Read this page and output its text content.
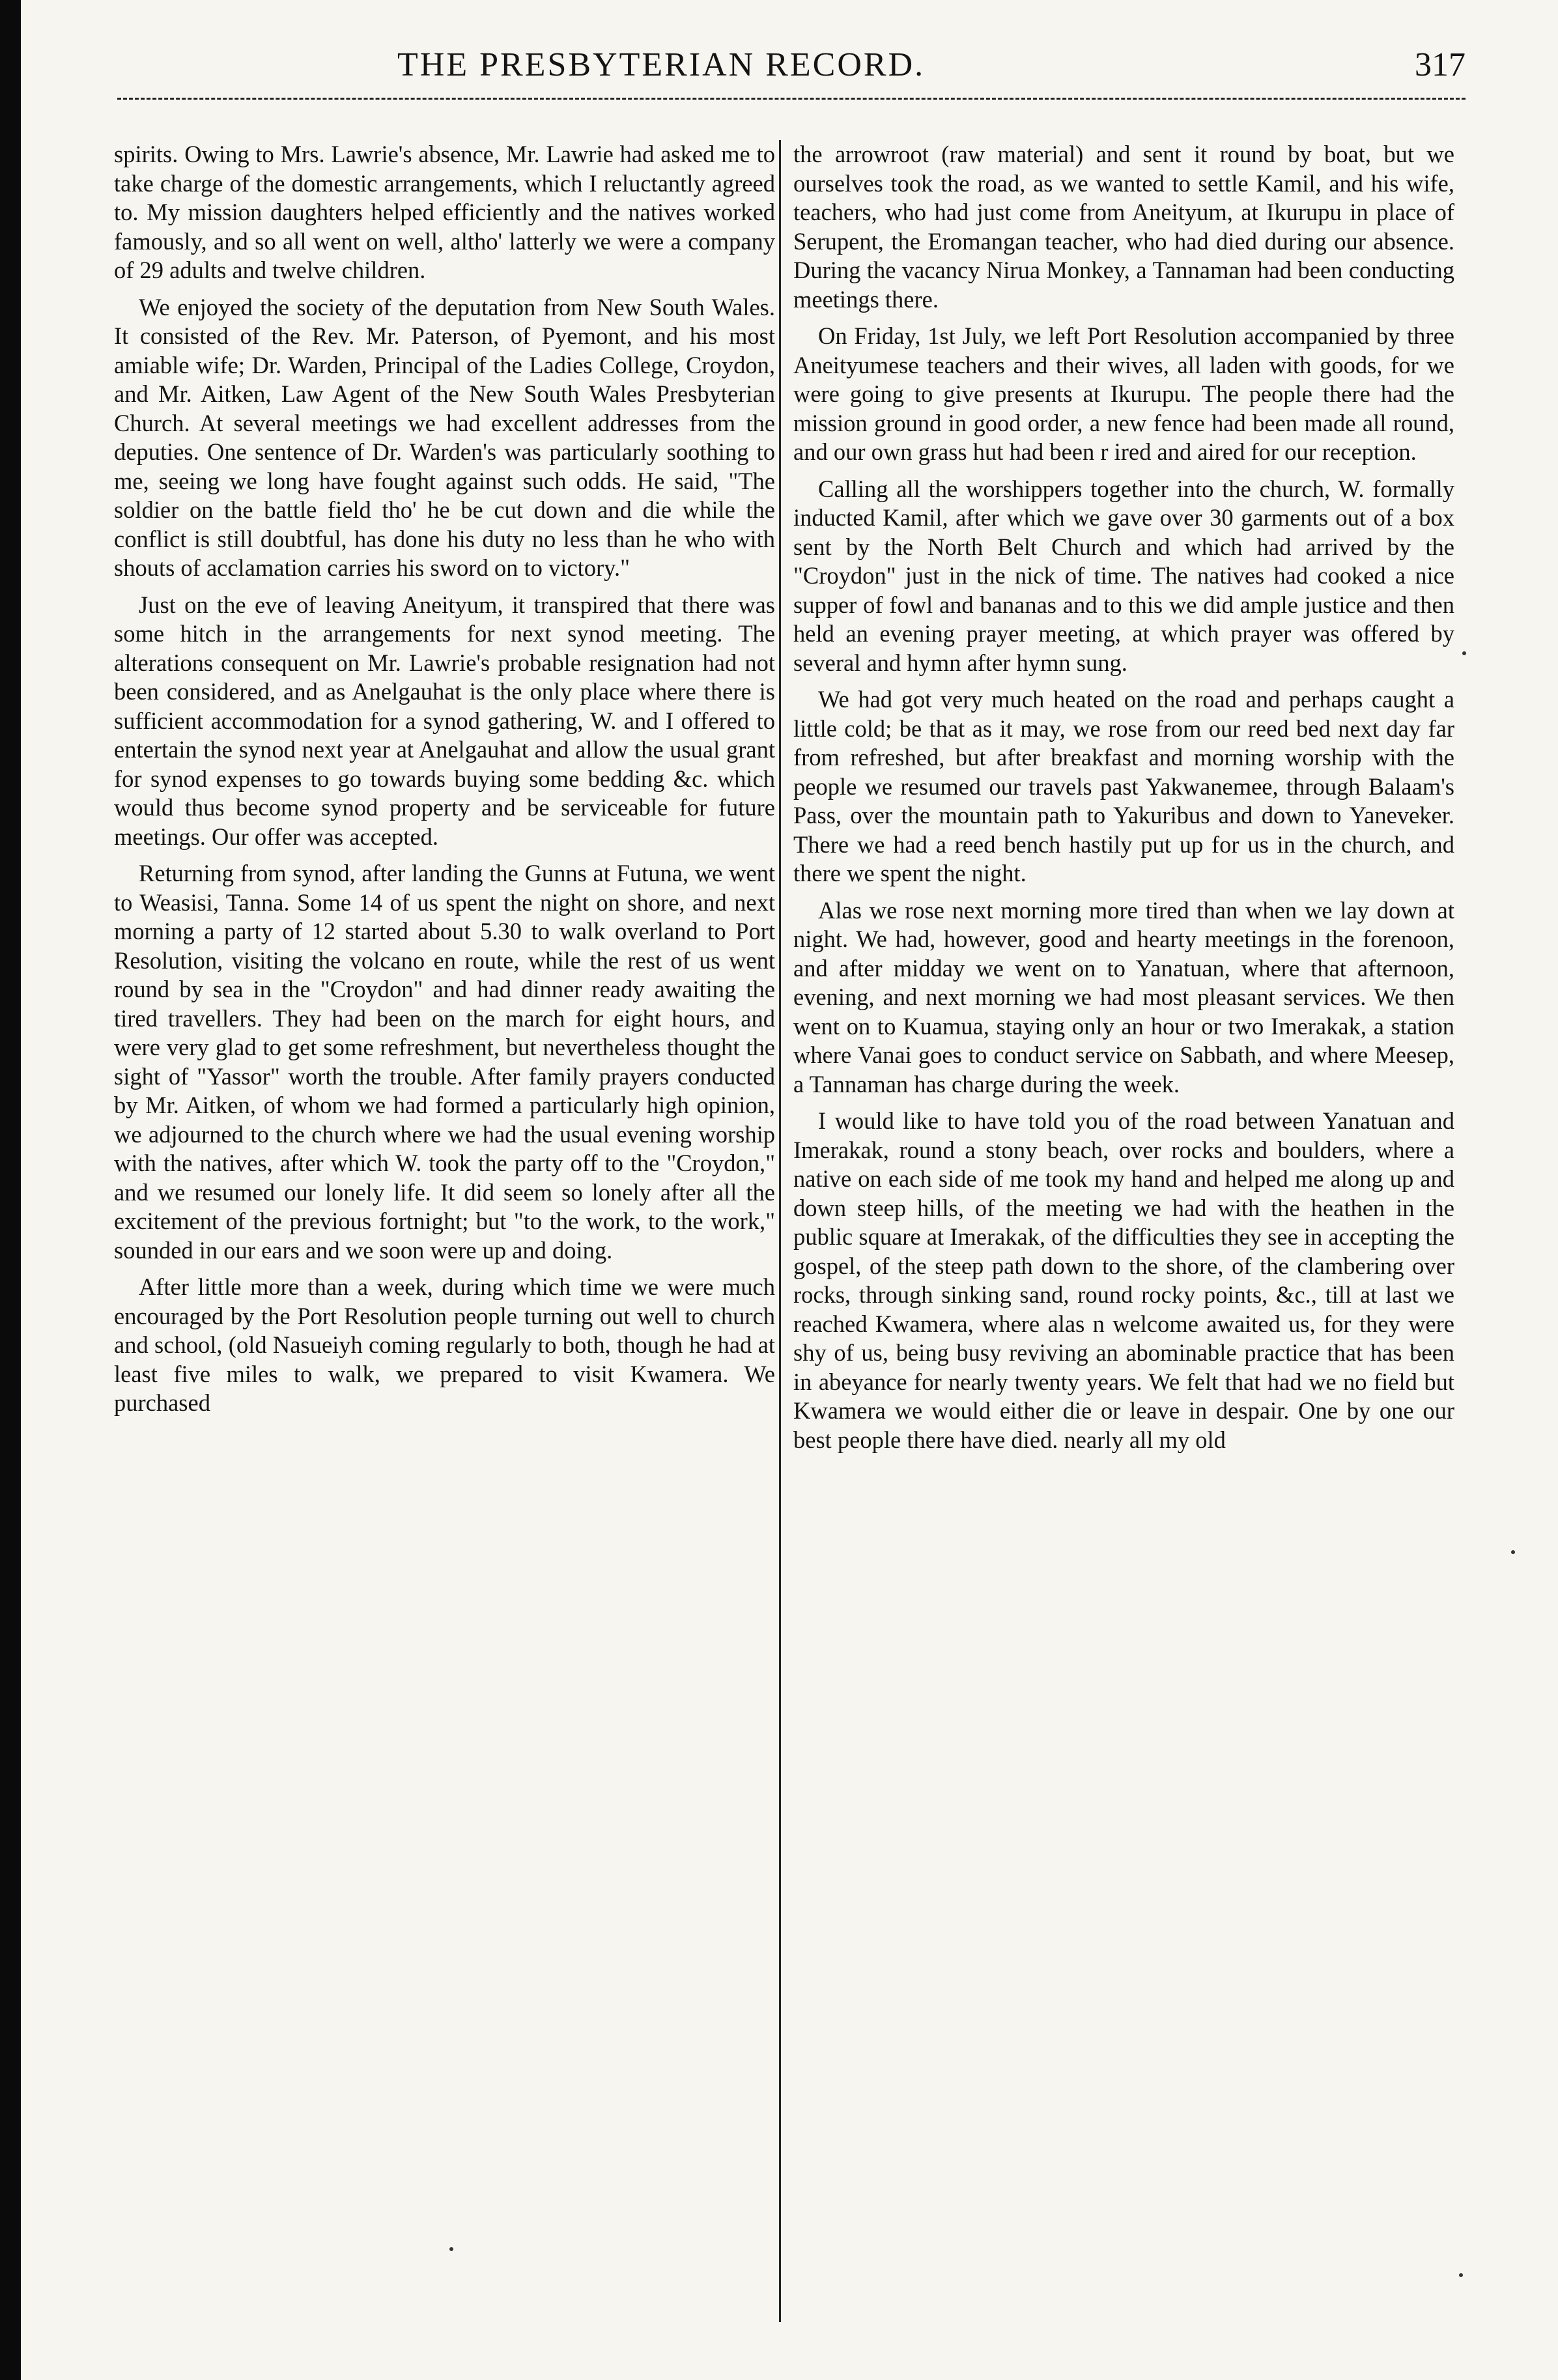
THE PRESBYTERIAN RECORD.	317

spirits. Owing to Mrs. Lawrie's absence, Mr. Lawrie had asked me to take charge of the domestic arrangements, which I reluctantly agreed to. My mission daughters helped efficiently and the natives worked famously, and so all went on well, altho' latterly we were a company of 29 adults and twelve children.

We enjoyed the society of the deputation from New South Wales. It consisted of the Rev. Mr. Paterson, of Pyemont, and his most amiable wife; Dr. Warden, Principal of the Ladies College, Croydon, and Mr. Aitken, Law Agent of the New South Wales Presbyterian Church. At several meetings we had excellent addresses from the deputies. One sentence of Dr. Warden's was particularly soothing to me, seeing we long have fought against such odds. He said, "The soldier on the battle field tho' he be cut down and die while the conflict is still doubtful, has done his duty no less than he who with shouts of acclamation carries his sword on to victory."

Just on the eve of leaving Aneityum, it transpired that there was some hitch in the arrangements for next synod meeting. The alterations consequent on Mr. Lawrie's probable resignation had not been considered, and as Anelgauhat is the only place where there is sufficient accommodation for a synod gathering, W. and I offered to entertain the synod next year at Anelgauhat and allow the usual grant for synod expenses to go towards buying some bedding &c. which would thus become synod property and be serviceable for future meetings. Our offer was accepted.

Returning from synod, after landing the Gunns at Futuna, we went to Weasisi, Tanna. Some 14 of us spent the night on shore, and next morning a party of 12 started about 5.30 to walk overland to Port Resolution, visiting the volcano en route, while the rest of us went round by sea in the "Croydon" and had dinner ready awaiting the tired travellers. They had been on the march for eight hours, and were very glad to get some refreshment, but nevertheless thought the sight of "Yassor" worth the trouble. After family prayers conducted by Mr. Aitken, of whom we had formed a particularly high opinion, we adjourned to the church where we had the usual evening worship with the natives, after which W. took the party off to the "Croydon," and we resumed our lonely life. It did seem so lonely after all the excitement of the previous fortnight; but "to the work, to the work," sounded in our ears and we soon were up and doing.

After little more than a week, during which time we were much encouraged by the Port Resolution people turning out well to church and school, (old Nasueiyh coming regularly to both, though he had at least five miles to walk, we prepared to visit Kwamera. We purchased

the arrowroot (raw material) and sent it round by boat, but we ourselves took the road, as we wanted to settle Kamil, and his wife, teachers, who had just come from Aneityum, at Ikurupu in place of Serupent, the Eromangan teacher, who had died during our absence. During the vacancy Nirua Monkey, a Tannaman had been conducting meetings there.

On Friday, 1st July, we left Port Resolution accompanied by three Aneityumese teachers and their wives, all laden with goods, for we were going to give presents at Ikurupu. The people there had the mission ground in good order, a new fence had been made all round, and our own grass hut had been r ired and aired for our reception.

Calling all the worshippers together into the church, W. formally inducted Kamil, after which we gave over 30 garments out of a box sent by the North Belt Church and which had arrived by the "Croydon" just in the nick of time. The natives had cooked a nice supper of fowl and bananas and to this we did ample justice and then held an evening prayer meeting, at which prayer was offered by several and hymn after hymn sung.

We had got very much heated on the road and perhaps caught a little cold; be that as it may, we rose from our reed bed next day far from refreshed, but after breakfast and morning worship with the people we resumed our travels past Yakwanemee, through Balaam's Pass, over the mountain path to Yakuribus and down to Yaneveker. There we had a reed bench hastily put up for us in the church, and there we spent the night.

Alas we rose next morning more tired than when we lay down at night. We had, however, good and hearty meetings in the forenoon, and after midday we went on to Yanatuan, where that afternoon, evening, and next morning we had most pleasant services. We then went on to Kuamua, staying only an hour or two Imerakak, a station where Vanai goes to conduct service on Sabbath, and where Meesep, a Tannaman has charge during the week.

I would like to have told you of the road between Yanatuan and Imerakak, round a stony beach, over rocks and boulders, where a native on each side of me took my hand and helped me along up and down steep hills, of the meeting we had with the heathen in the public square at Imerakak, of the difficulties they see in accepting the gospel, of the steep path down to the shore, of the clambering over rocks, through sinking sand, round rocky points, &c., till at last we reached Kwamera, where alas n welcome awaited us, for they were shy of us, being busy reviving an abominable practice that has been in abeyance for nearly twenty years. We felt that had we no field but Kwamera we would either die or leave in despair. One by one our best people there have died. nearly all my old
